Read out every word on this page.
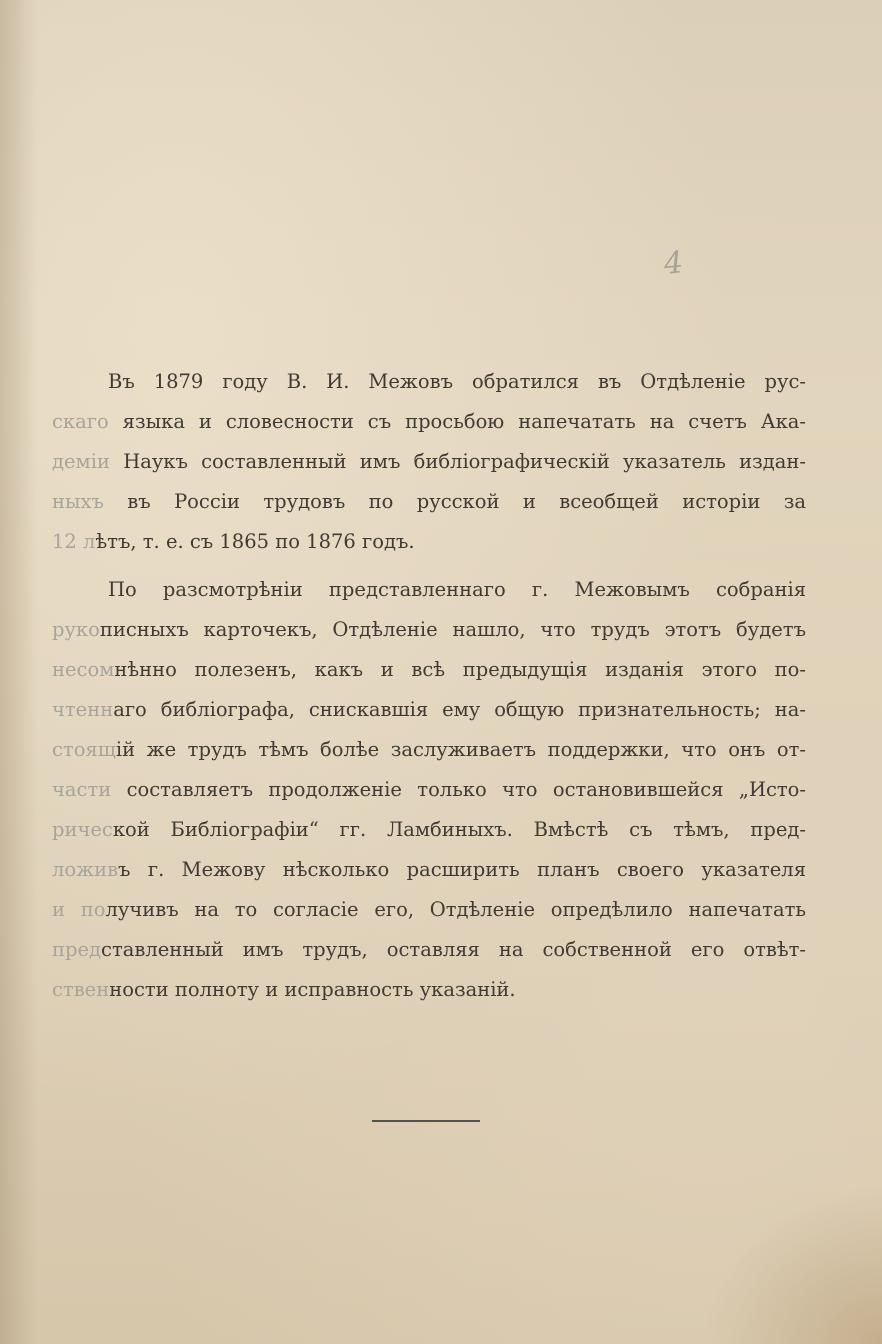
4
Въ 1879 году В. И. Межовъ обратился въ Отдѣленіе рус-
скаго языка и словесности съ просьбою напечатать на счетъ Ака-
деміи Наукъ составленный имъ библіографическій указатель издан-
ныхъ въ Россіи трудовъ по русской и всеобщей исторіи за
12 лѣтъ, т. е. съ 1865 по 1876 годъ.
По разсмотрѣніи представленнаго г. Межовымъ собранія
рукописныхъ карточекъ, Отдѣленіе нашло, что трудъ этотъ будетъ
несомнѣнно полезенъ, какъ и всѣ предыдущія изданія этого по-
чтеннаго библіографа, снискавшія ему общую признательность; на-
стоящій же трудъ тѣмъ болѣе заслуживаетъ поддержки, что онъ от-
части составляетъ продолженіе только что остановившейся „Исто-
рической Библіографіи“ гг. Ламбиныхъ. Вмѣстѣ съ тѣмъ, пред-
ложивъ г. Межову нѣсколько расширить планъ своего указателя
и получивъ на то согласіе его, Отдѣленіе опредѣлило напечатать
представленный имъ трудъ, оставляя на собственной его отвѣт-
ственности полноту и исправность указаній.
